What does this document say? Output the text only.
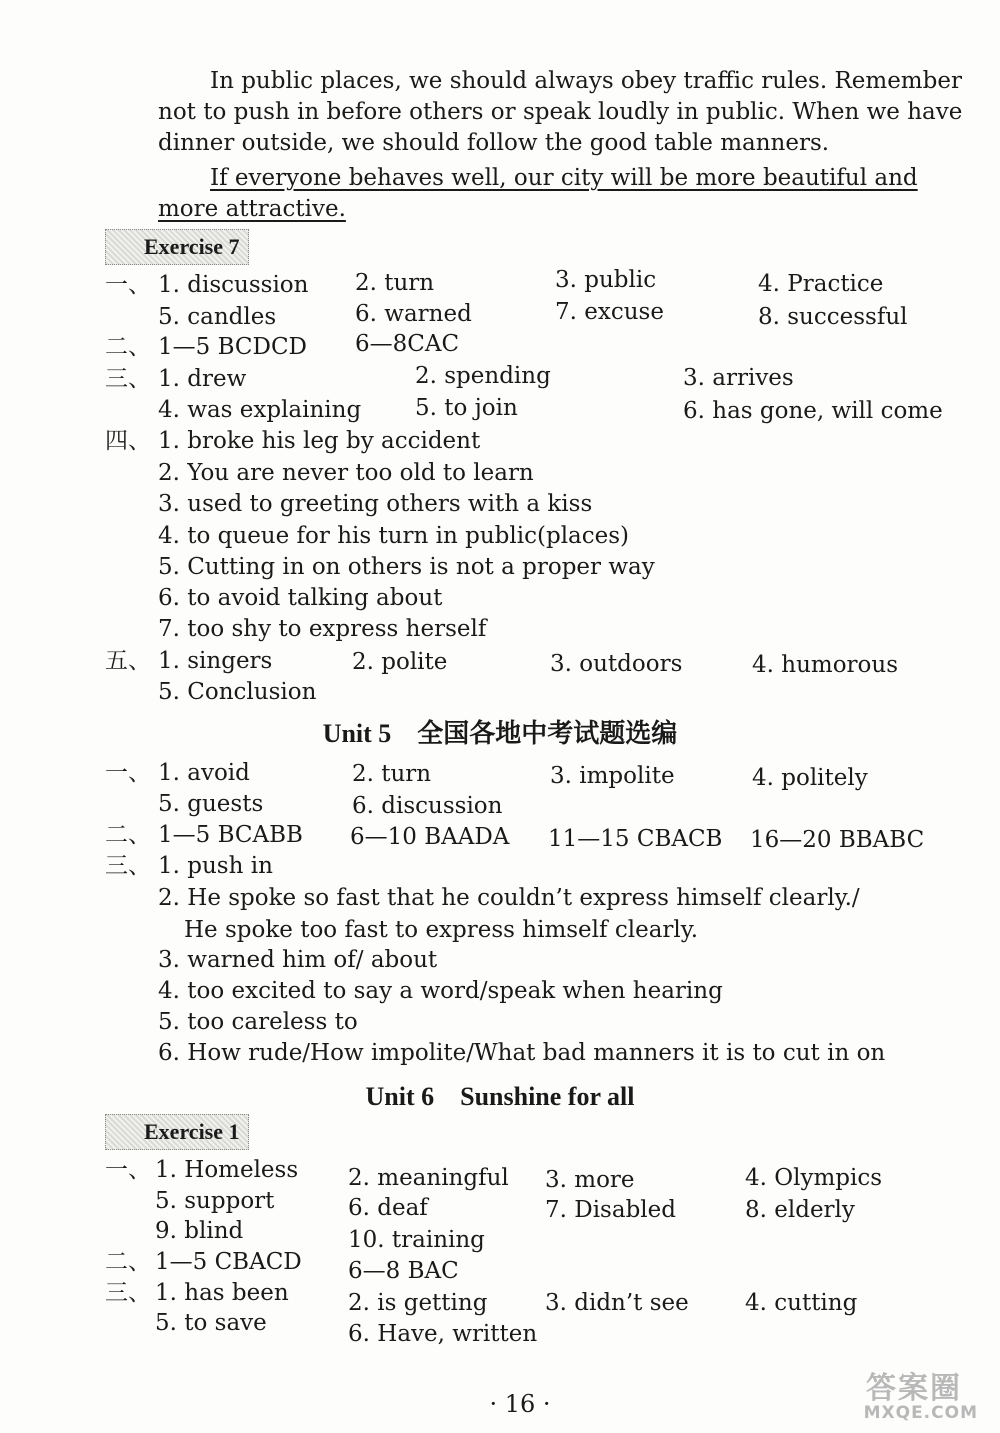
In public places, we should always obey traffic rules. Remember not to push in before others or speak loudly in public. When we have dinner outside, we should follow the good table manners.
If everyone behaves well, our city will be more beautiful and more attractive.
Exercise 7
一、 1. discussion 2. turn	3. public	4. Practice
5. candles	6. warned	7. excuse	8. successful
二、 1—5 BCDCD 6—8CAC
三、 1. drew	2. spending	3. arrives
4. was explaining 5. to join	6. has gone, will come
四、 1. broke his leg by accident
2. You are never too old to learn
3. used to greeting others with a kiss
4. to queue for his turn in public(places)
5. Cutting in on others is not a proper way
6. to avoid talking about
7. too shy to express herself
五、 1. singers	2. polite	3. outdoors	4. humorous
5. Conclusion
Unit 5　全国各地中考试题选编
一、 1. avoid	2. turn	3. impolite	4. politely
5. guests	6. discussion
二、 1—5 BCABB 6—10 BAADA 11—15 CBACB 16—20 BBABC
三、 1. push in
2. He spoke so fast that he couldn’t express himself clearly./
He spoke too fast to express himself clearly.
3. warned him of/ about
4. too excited to say a word/speak when hearing
5. too careless to
6. How rude/How impolite/What bad manners it is to cut in on
Unit 6　Sunshine for all
Exercise 1
一、 1. Homeless 2. meaningful 3. more	4. Olympics
5. support	6. deaf	7. Disabled	8. elderly
9. blind	10. training
二、 1—5 CBACD 6—8 BAC
三、 1. has been	2. is getting	3. didn’t see 4. cutting
5. to save	6. Have, written
· 16 ·	答案圈
MXQE.COM
